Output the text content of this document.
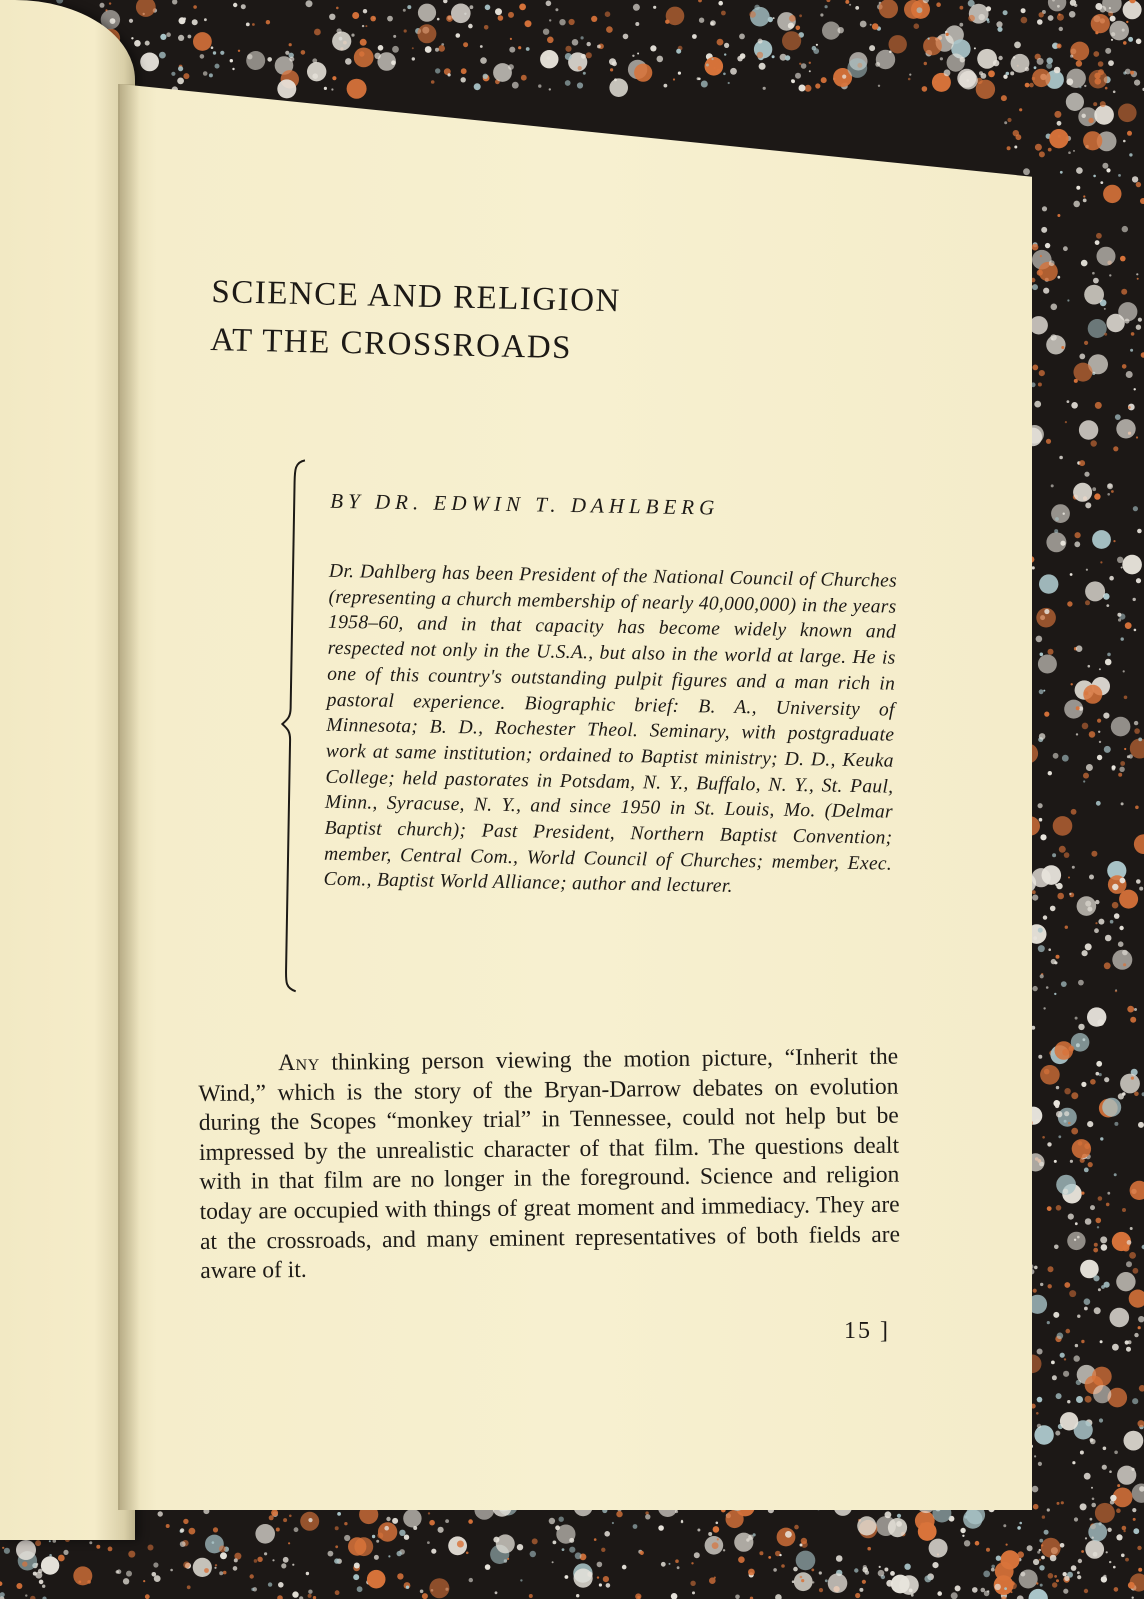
SCIENCE AND RELIGION
AT THE CROSSROADS

BY DR. EDWIN T. DAHLBERG

Dr. Dahlberg has been President of the National Council of Churches (representing a church membership of nearly 40,000,000) in the years 1958–60, and in that capacity has become widely known and respected not only in the U.S.A., but also in the world at large. He is one of this country's outstanding pulpit figures and a man rich in pastoral experience. Biographic brief: B. A., University of Minnesota; B. D., Rochester Theol. Seminary, with postgraduate work at same institution; ordained to Baptist ministry; D. D., Keuka College; held pastorates in Potsdam, N. Y., Buffalo, N. Y., St. Paul, Minn., Syracuse, N. Y., and since 1950 in St. Louis, Mo. (Delmar Baptist church); Past President, Northern Baptist Convention; member, Central Com., World Council of Churches; member, Exec. Com., Baptist World Alliance; author and lecturer.

Any thinking person viewing the motion picture, “Inherit the Wind,” which is the story of the Bryan-Darrow debates on evolution during the Scopes “monkey trial” in Tennessee, could not help but be impressed by the unrealistic character of that film. The questions dealt with in that film are no longer in the foreground. Science and religion today are occupied with things of great moment and immediacy. They are at the crossroads, and many eminent representatives of both fields are aware of it.

15 ]
